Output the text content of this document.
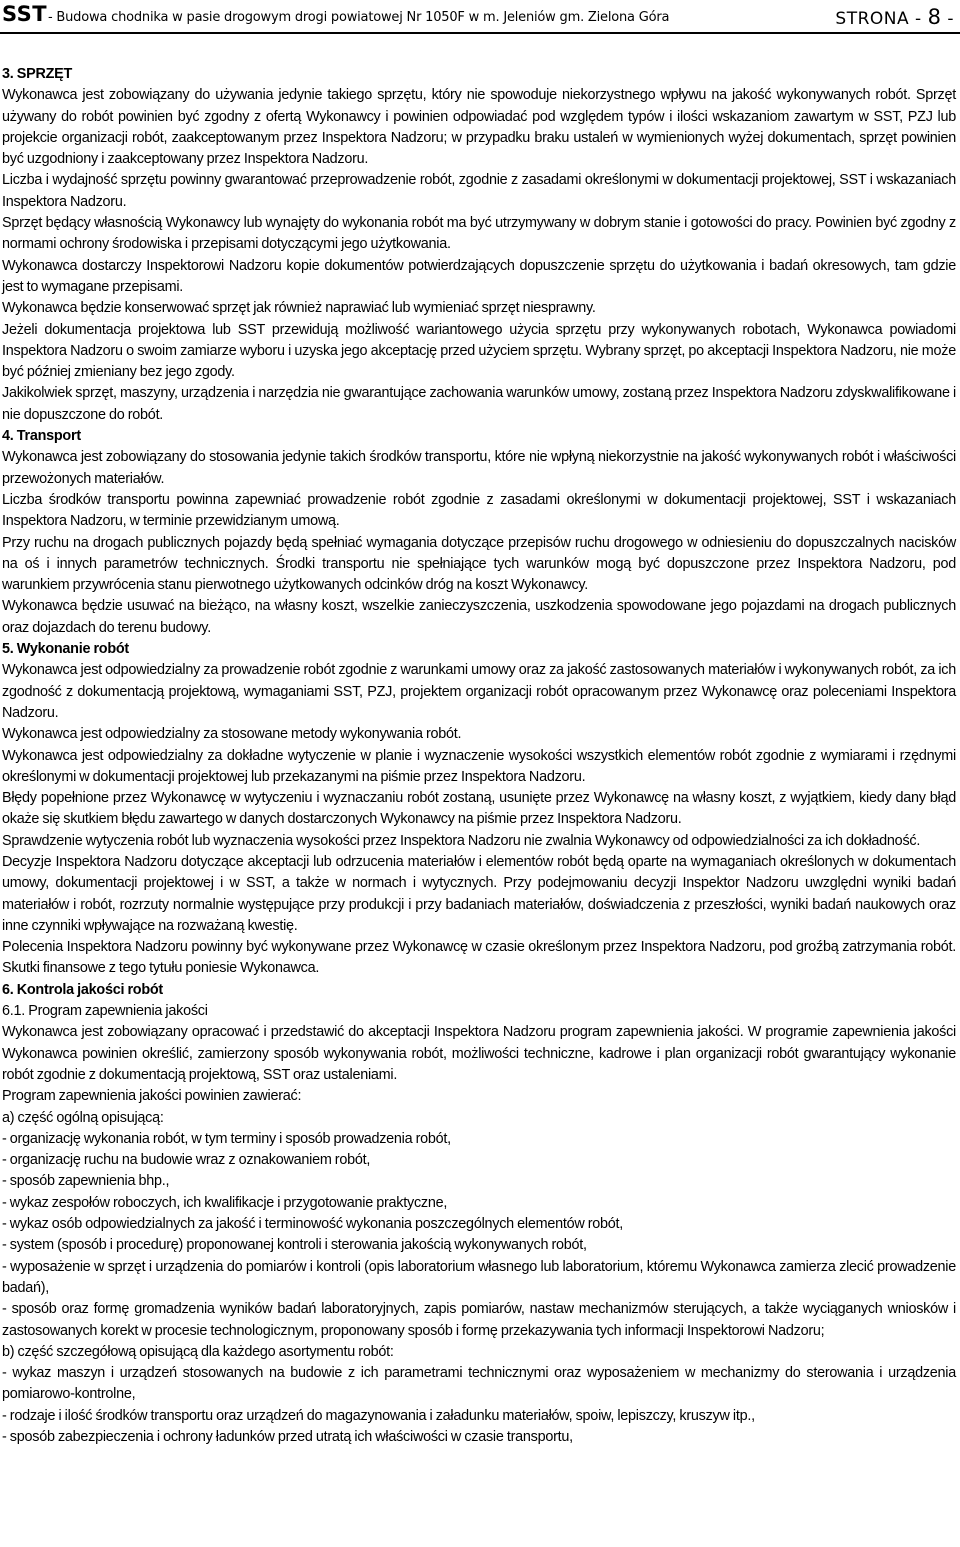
SST - Budowa chodnika w pasie drogowym drogi powiatowej Nr 1050F w m. Jeleniów gm. Zielona Góra	STRONA - 8 -

3. SPRZĘT

Wykonawca jest zobowiązany do używania jedynie takiego sprzętu, który nie spowoduje niekorzystnego wpływu na jakość wykonywanych robót. Sprzęt używany do robót powinien być zgodny z ofertą Wykonawcy i powinien odpowiadać pod względem typów i ilości wskazaniom zawartym w SST, PZJ lub projekcie organizacji robót, zaakceptowanym przez Inspektora Nadzoru; w przypadku braku ustaleń w wymienionych wyżej dokumentach, sprzęt powinien być uzgodniony i zaakceptowany przez Inspektora Nadzoru.

Liczba i wydajność sprzętu powinny gwarantować przeprowadzenie robót, zgodnie z zasadami określonymi w dokumentacji projektowej, SST i wskazaniach Inspektora Nadzoru.

Sprzęt będący własnością Wykonawcy lub wynajęty do wykonania robót ma być utrzymywany w dobrym stanie i gotowości do pracy. Powinien być zgodny z normami ochrony środowiska i przepisami dotyczącymi jego użytkowania.

Wykonawca dostarczy Inspektorowi Nadzoru kopie dokumentów potwierdzających dopuszczenie sprzętu do użytkowania i badań okresowych, tam gdzie jest to wymagane przepisami.

Wykonawca będzie konserwować sprzęt jak również naprawiać lub wymieniać sprzęt niesprawny.

Jeżeli dokumentacja projektowa lub SST przewidują możliwość wariantowego użycia sprzętu przy wykonywanych robotach, Wykonawca powiadomi Inspektora Nadzoru o swoim zamiarze wyboru i uzyska jego akceptację przed użyciem sprzętu. Wybrany sprzęt, po akceptacji Inspektora Nadzoru, nie może być później zmieniany bez jego zgody.

Jakikolwiek sprzęt, maszyny, urządzenia i narzędzia nie gwarantujące zachowania warunków umowy, zostaną przez Inspektora Nadzoru zdyskwalifikowane i nie dopuszczone do robót.

4. Transport

Wykonawca jest zobowiązany do stosowania jedynie takich środków transportu, które nie wpłyną niekorzystnie na jakość wykonywanych robót i właściwości przewożonych materiałów.

Liczba środków transportu powinna zapewniać prowadzenie robót zgodnie z zasadami określonymi w dokumentacji projektowej, SST i wskazaniach Inspektora Nadzoru, w terminie przewidzianym umową.

Przy ruchu na drogach publicznych pojazdy będą spełniać wymagania dotyczące przepisów ruchu drogowego w odniesieniu do dopuszczalnych nacisków na oś i innych parametrów technicznych. Środki transportu nie spełniające tych warunków mogą być dopuszczone przez Inspektora Nadzoru, pod warunkiem przywrócenia stanu pierwotnego użytkowanych odcinków dróg na koszt Wykonawcy.

Wykonawca będzie usuwać na bieżąco, na własny koszt, wszelkie zanieczyszczenia, uszkodzenia spowodowane jego pojazdami na drogach publicznych oraz dojazdach do terenu budowy.

5. Wykonanie robót

Wykonawca jest odpowiedzialny za prowadzenie robót zgodnie z warunkami umowy oraz za jakość zastosowanych materiałów i wykonywanych robót, za ich zgodność z dokumentacją projektową, wymaganiami SST, PZJ, projektem organizacji robót opracowanym przez Wykonawcę oraz poleceniami Inspektora Nadzoru.

Wykonawca jest odpowiedzialny za stosowane metody wykonywania robót.

Wykonawca jest odpowiedzialny za dokładne wytyczenie w planie i wyznaczenie wysokości wszystkich elementów robót zgodnie z wymiarami i rzędnymi określonymi w dokumentacji projektowej lub przekazanymi na piśmie przez Inspektora Nadzoru.

Błędy popełnione przez Wykonawcę w wytyczeniu i wyznaczaniu robót zostaną, usunięte przez Wykonawcę na własny koszt, z wyjątkiem, kiedy dany błąd okaże się skutkiem błędu zawartego w danych dostarczonych Wykonawcy na piśmie przez Inspektora Nadzoru.

Sprawdzenie wytyczenia robót lub wyznaczenia wysokości przez Inspektora Nadzoru nie zwalnia Wykonawcy od odpowiedzialności za ich dokładność.

Decyzje Inspektora Nadzoru dotyczące akceptacji lub odrzucenia materiałów i elementów robót będą oparte na wymaganiach określonych w dokumentach umowy, dokumentacji projektowej i w SST, a także w normach i wytycznych. Przy podejmowaniu decyzji Inspektor Nadzoru uwzględni wyniki badań materiałów i robót, rozrzuty normalnie występujące przy produkcji i przy badaniach materiałów, doświadczenia z przeszłości, wyniki badań naukowych oraz inne czynniki wpływające na rozważaną kwestię.

Polecenia Inspektora Nadzoru powinny być wykonywane przez Wykonawcę w czasie określonym przez Inspektora Nadzoru, pod groźbą zatrzymania robót. Skutki finansowe z tego tytułu poniesie Wykonawca.

6. Kontrola jakości robót

6.1. Program zapewnienia jakości

Wykonawca jest zobowiązany opracować i przedstawić do akceptacji Inspektora Nadzoru program zapewnienia jakości. W programie zapewnienia jakości Wykonawca powinien określić, zamierzony sposób wykonywania robót, możliwości techniczne, kadrowe i plan organizacji robót gwarantujący wykonanie robót zgodnie z dokumentacją projektową, SST oraz ustaleniami.

Program zapewnienia jakości powinien zawierać:

a) część ogólną opisującą:

- organizację wykonania robót, w tym terminy i sposób prowadzenia robót,

- organizację ruchu na budowie wraz z oznakowaniem robót,

- sposób zapewnienia bhp.,

- wykaz zespołów roboczych, ich kwalifikacje i przygotowanie praktyczne,

- wykaz osób odpowiedzialnych za jakość i terminowość wykonania poszczególnych elementów robót,

- system (sposób i procedurę) proponowanej kontroli i sterowania jakością wykonywanych robót,

- wyposażenie w sprzęt i urządzenia do pomiarów i kontroli (opis laboratorium własnego lub laboratorium, któremu Wykonawca zamierza zlecić prowadzenie badań),

- sposób oraz formę gromadzenia wyników badań laboratoryjnych, zapis pomiarów, nastaw mechanizmów sterujących, a także wyciąganych wniosków i zastosowanych korekt w procesie technologicznym, proponowany sposób i formę przekazywania tych informacji Inspektorowi Nadzoru;

b) część szczegółową opisującą dla każdego asortymentu robót:

- wykaz maszyn i urządzeń stosowanych na budowie z ich parametrami technicznymi oraz wyposażeniem w mechanizmy do sterowania i urządzenia pomiarowo-kontrolne,

- rodzaje i ilość środków transportu oraz urządzeń do magazynowania i załadunku materiałów, spoiw, lepiszczy, kruszyw itp.,

- sposób zabezpieczenia i ochrony ładunków przed utratą ich właściwości w czasie transportu,
